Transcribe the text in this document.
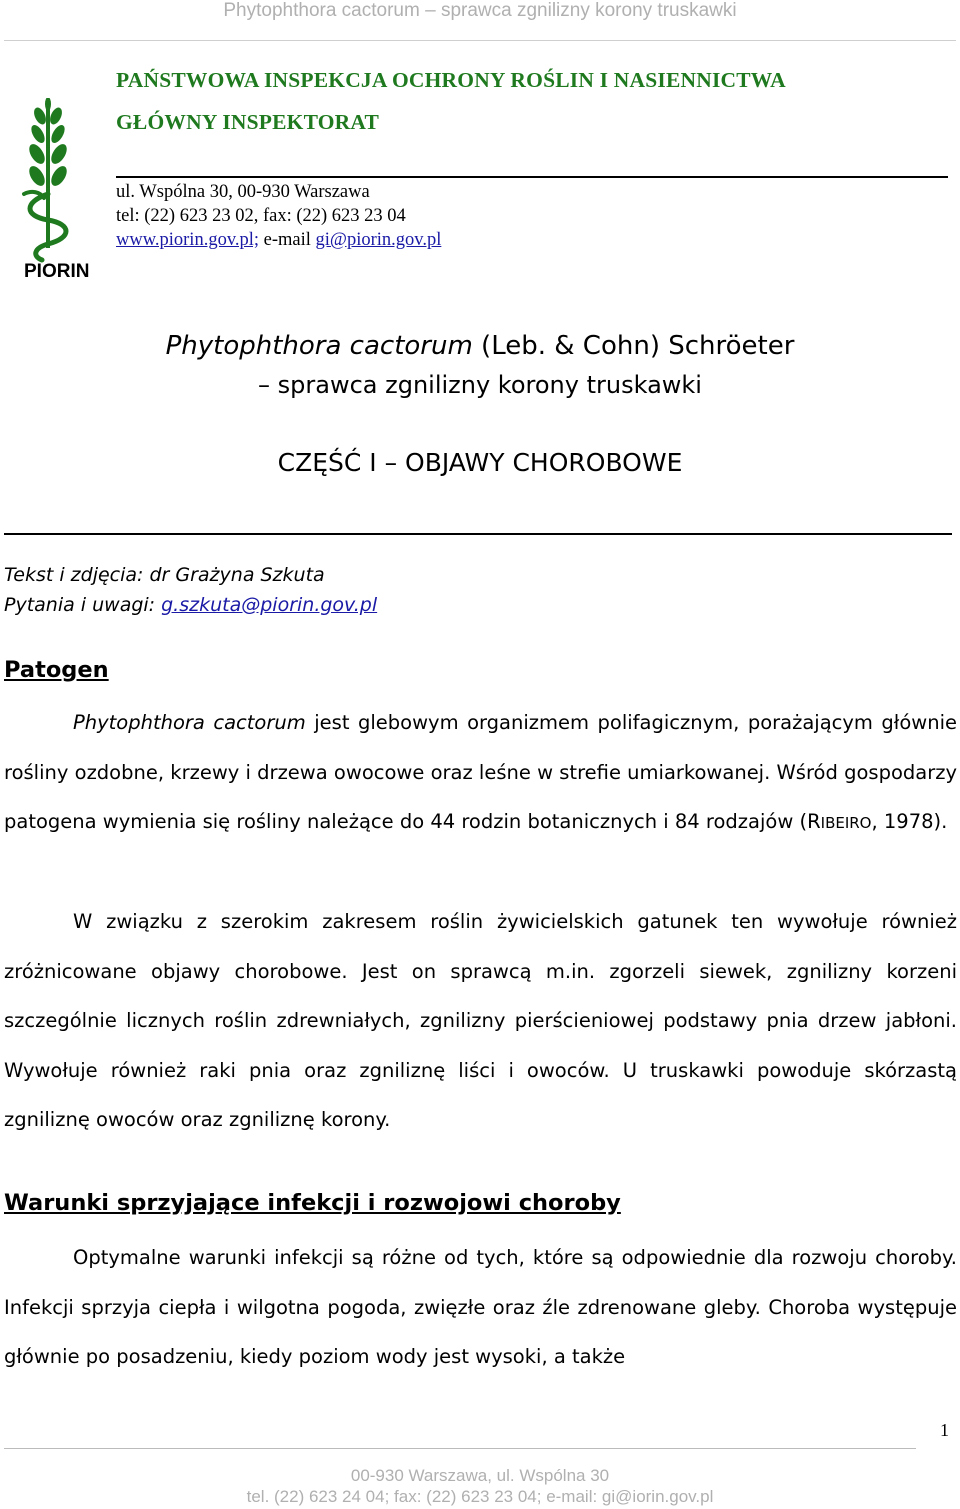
Phytophthora cactorum – sprawca zgnilizny korony truskawki
PIORIN
PAŃSTWOWA INSPEKCJA OCHRONY ROŚLIN I NASIENNICTWA
GŁÓWNY INSPEKTORAT
ul. Wspólna 30, 00-930 Warszawa
tel: (22) 623 23 02, fax: (22) 623 23 04
www.piorin.gov.pl; e-mail gi@piorin.gov.pl
Phytophthora cactorum (Leb. & Cohn) Schröeter
– sprawca zgnilizny korony truskawki
CZĘŚĆ I – OBJAWY CHOROBOWE
Tekst i zdjęcia: dr Grażyna Szkuta
Pytania i uwagi: g.szkuta@piorin.gov.pl
Patogen
Phytophthora cactorum jest glebowym organizmem polifagicznym, porażającym głównie rośliny ozdobne, krzewy i drzewa owocowe oraz leśne w strefie umiarkowanej. Wśród gospodarzy patogena wymienia się rośliny należące do 44 rodzin botanicznych i 84 rodzajów (RIBEIRO, 1978).
W związku z szerokim zakresem roślin żywicielskich gatunek ten wywołuje również zróżnicowane objawy chorobowe. Jest on sprawcą m.in. zgorzeli siewek, zgnilizny korzeni szczególnie licznych roślin zdrewniałych, zgnilizny pierścieniowej podstawy pnia drzew jabłoni. Wywołuje również raki pnia oraz zgniliznę liści i owoców. U truskawki powoduje skórzastą zgniliznę owoców oraz zgniliznę korony.
Warunki sprzyjające infekcji i rozwojowi choroby
Optymalne warunki infekcji są różne od tych, które są odpowiednie dla rozwoju choroby. Infekcji sprzyja ciepła i wilgotna pogoda, zwięzłe oraz źle zdrenowane gleby. Choroba występuje głównie po posadzeniu, kiedy poziom wody jest wysoki, a także
1
00-930 Warszawa, ul. Wspólna 30
tel. (22) 623 24 04; fax: (22) 623 23 04; e-mail: gi@iorin.gov.pl
